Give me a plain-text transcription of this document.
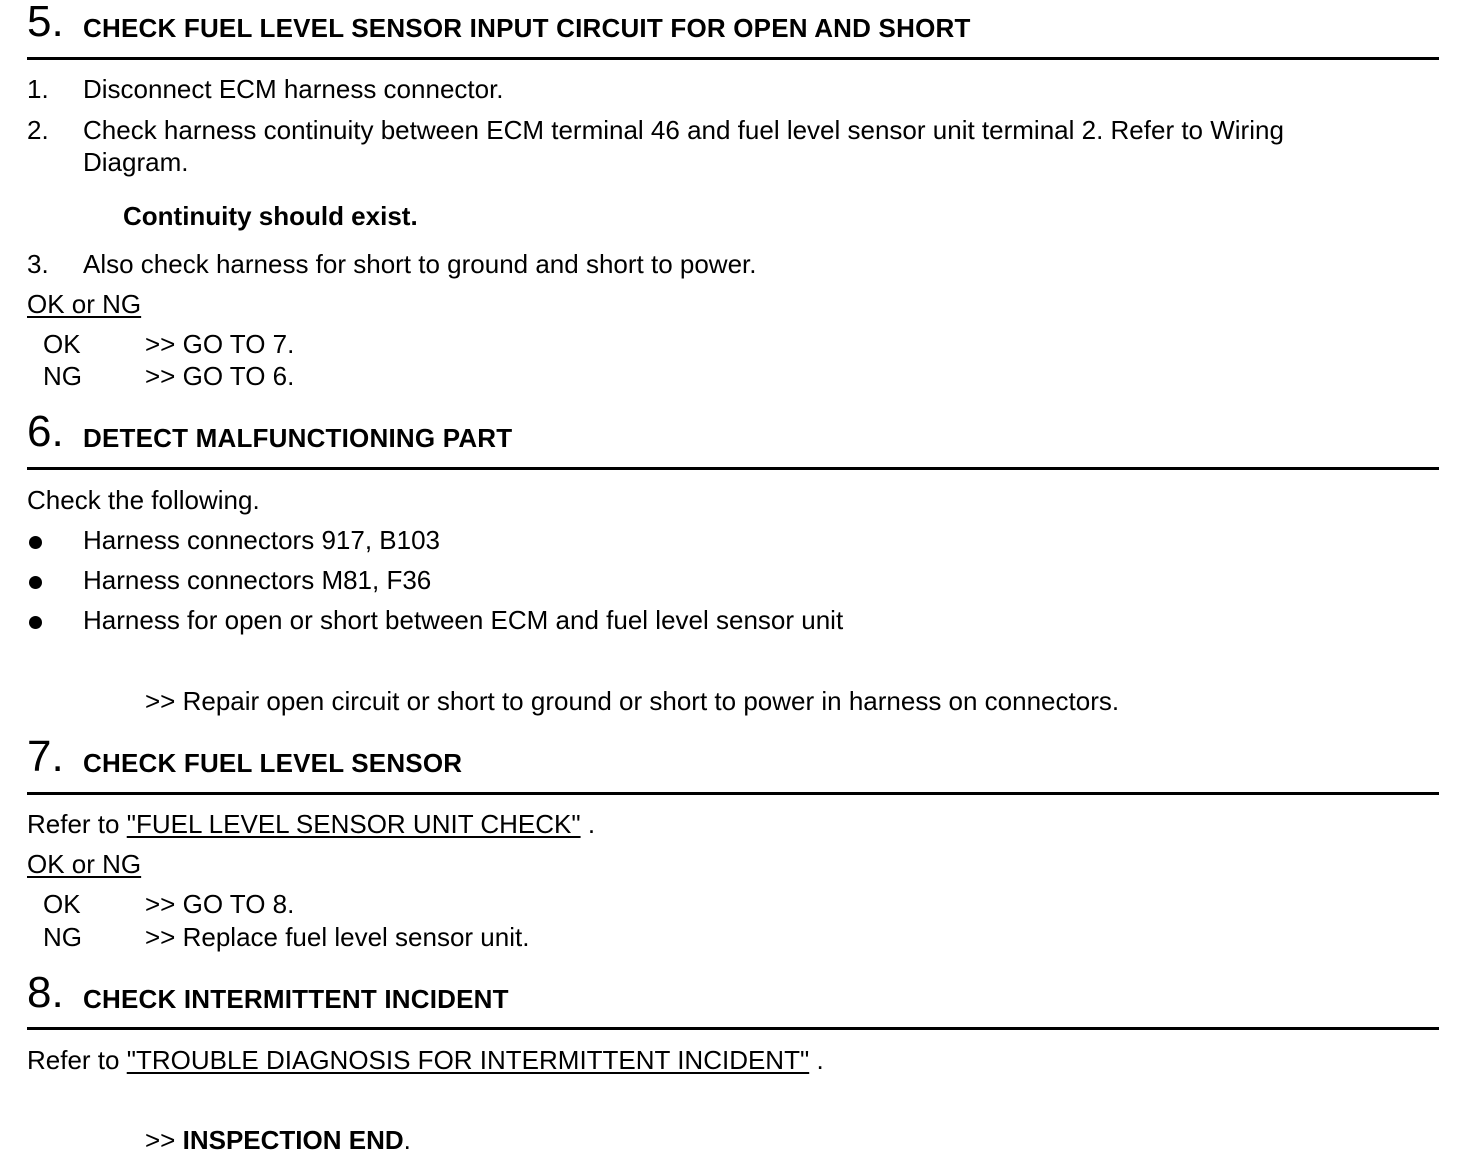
5. CHECK FUEL LEVEL SENSOR INPUT CIRCUIT FOR OPEN AND SHORT
1. Disconnect ECM harness connector.
2. Check harness continuity between ECM terminal 46 and fuel level sensor unit terminal 2. Refer to Wiring
Diagram.
Continuity should exist.
3. Also check harness for short to ground and short to power.
OK or NG
OK >> GO TO 7.
NG >> GO TO 6.
6. DETECT MALFUNCTIONING PART
Check the following.
Harness connectors 917, B103
Harness connectors M81, F36
Harness for open or short between ECM and fuel level sensor unit
>> Repair open circuit or short to ground or short to power in harness on connectors.
7. CHECK FUEL LEVEL SENSOR
Refer to "FUEL LEVEL SENSOR UNIT CHECK" .
OK or NG
OK >> GO TO 8.
NG >> Replace fuel level sensor unit.
8. CHECK INTERMITTENT INCIDENT
Refer to "TROUBLE DIAGNOSIS FOR INTERMITTENT INCIDENT" .
>> INSPECTION END.
